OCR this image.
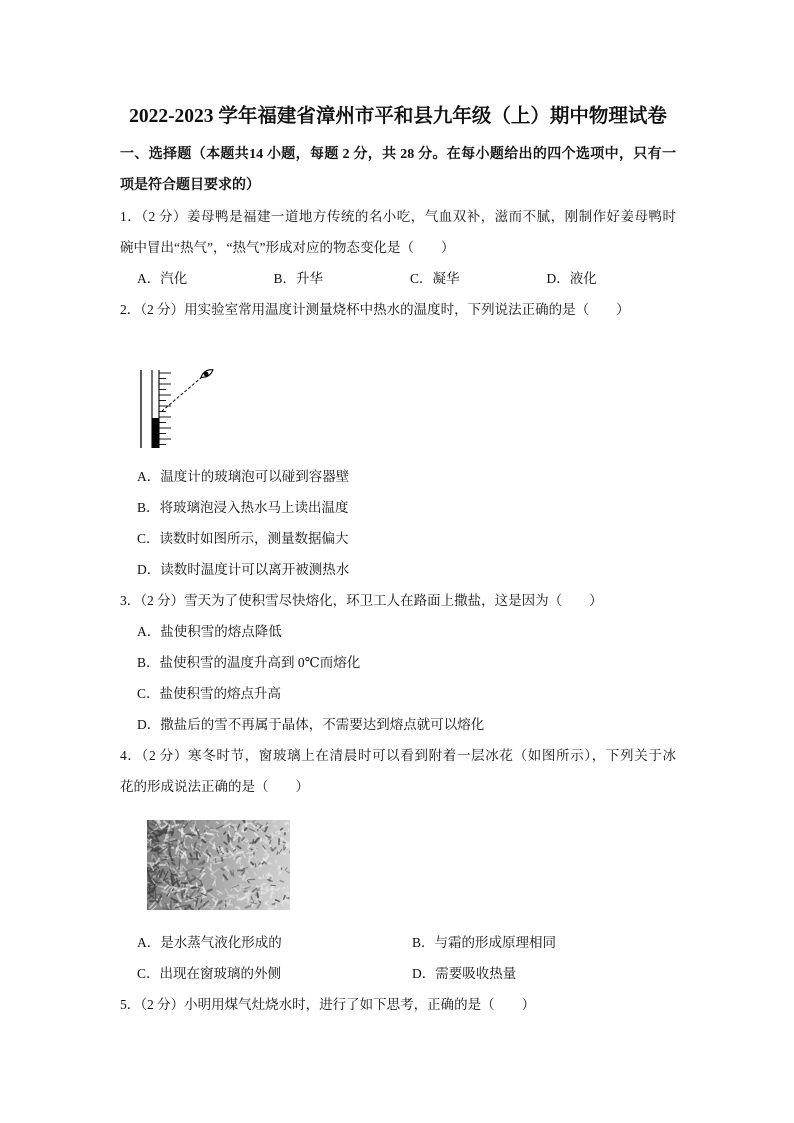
2022-2023 学年福建省漳州市平和县九年级（上）期中物理试卷
一、选择题（本题共14 小题，每题 2 分，共 28 分。在每小题给出的四个选项中，只有一
项是符合题目要求的）
1．（2 分）姜母鸭是福建一道地方传统的名小吃，气血双补，滋而不腻，刚制作好姜母鸭时
碗中冒出“热气”，“热气”形成对应的物态变化是（　　）
A．汽化	B．升华	C．凝华	D．液化
2．（2 分）用实验室常用温度计测量烧杯中热水的温度时，下列说法正确的是（　　）
A．温度计的玻璃泡可以碰到容器壁
B．将玻璃泡浸入热水马上读出温度
C．读数时如图所示，测量数据偏大
D．读数时温度计可以离开被测热水
3．（2 分）雪天为了使积雪尽快熔化，环卫工人在路面上撒盐，这是因为（　　）
A．盐使积雪的熔点降低
B．盐使积雪的温度升高到 0℃而熔化
C．盐使积雪的熔点升高
D．撒盐后的雪不再属于晶体，不需要达到熔点就可以熔化
4．（2 分）寒冬时节，窗玻璃上在清晨时可以看到附着一层冰花（如图所示），下列关于冰
花的形成说法正确的是（　　）
A．是水蒸气液化形成的	B．与霜的形成原理相同
C．出现在窗玻璃的外侧	D．需要吸收热量
5．（2 分）小明用煤气灶烧水时，进行了如下思考，正确的是（　　）
